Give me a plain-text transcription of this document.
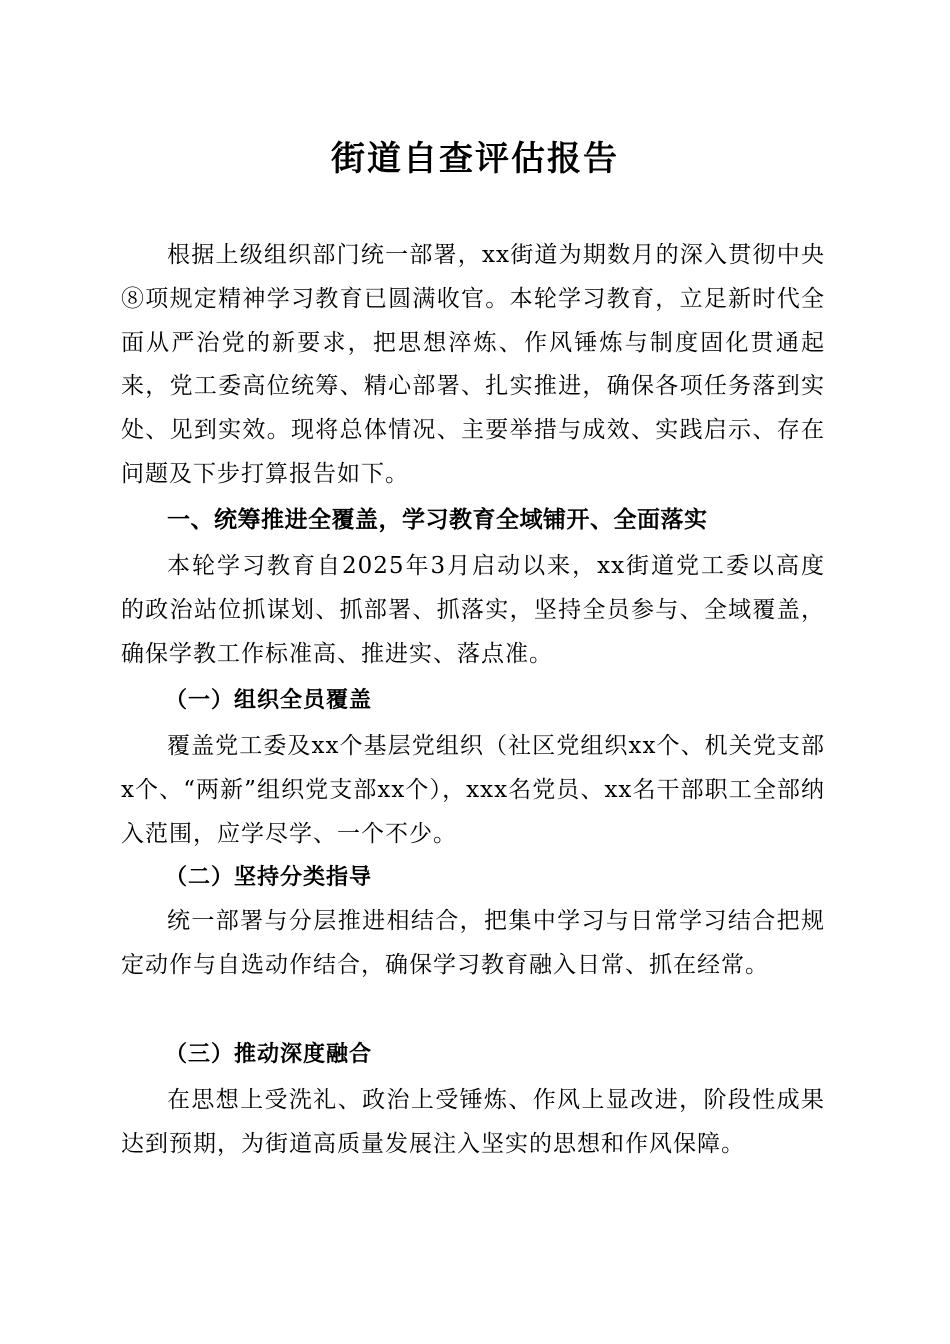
街道自查评估报告

根据上级组织部门统一部署，xx街道为期数月的深入贯彻中央⑧项规定精神学习教育已圆满收官。本轮学习教育，立足新时代全面从严治党的新要求，把思想淬炼、作风锤炼与制度固化贯通起来，党工委高位统筹、精心部署、扎实推进，确保各项任务落到实处、见到实效。现将总体情况、主要举措与成效、实践启示、存在问题及下步打算报告如下。

一、统筹推进全覆盖，学习教育全域铺开、全面落实

本轮学习教育自2025年3月启动以来，xx街道党工委以高度的政治站位抓谋划、抓部署、抓落实，坚持全员参与、全域覆盖，确保学教工作标准高、推进实、落点准。

（一）组织全员覆盖

覆盖党工委及xx个基层党组织（社区党组织xx个、机关党支部x个、“两新”组织党支部xx个），xxx名党员、xx名干部职工全部纳入范围，应学尽学、一个不少。

（二）坚持分类指导

统一部署与分层推进相结合，把集中学习与日常学习结合把规定动作与自选动作结合，确保学习教育融入日常、抓在经常。

（三）推动深度融合

在思想上受洗礼、政治上受锤炼、作风上显改进，阶段性成果达到预期，为街道高质量发展注入坚实的思想和作风保障。
